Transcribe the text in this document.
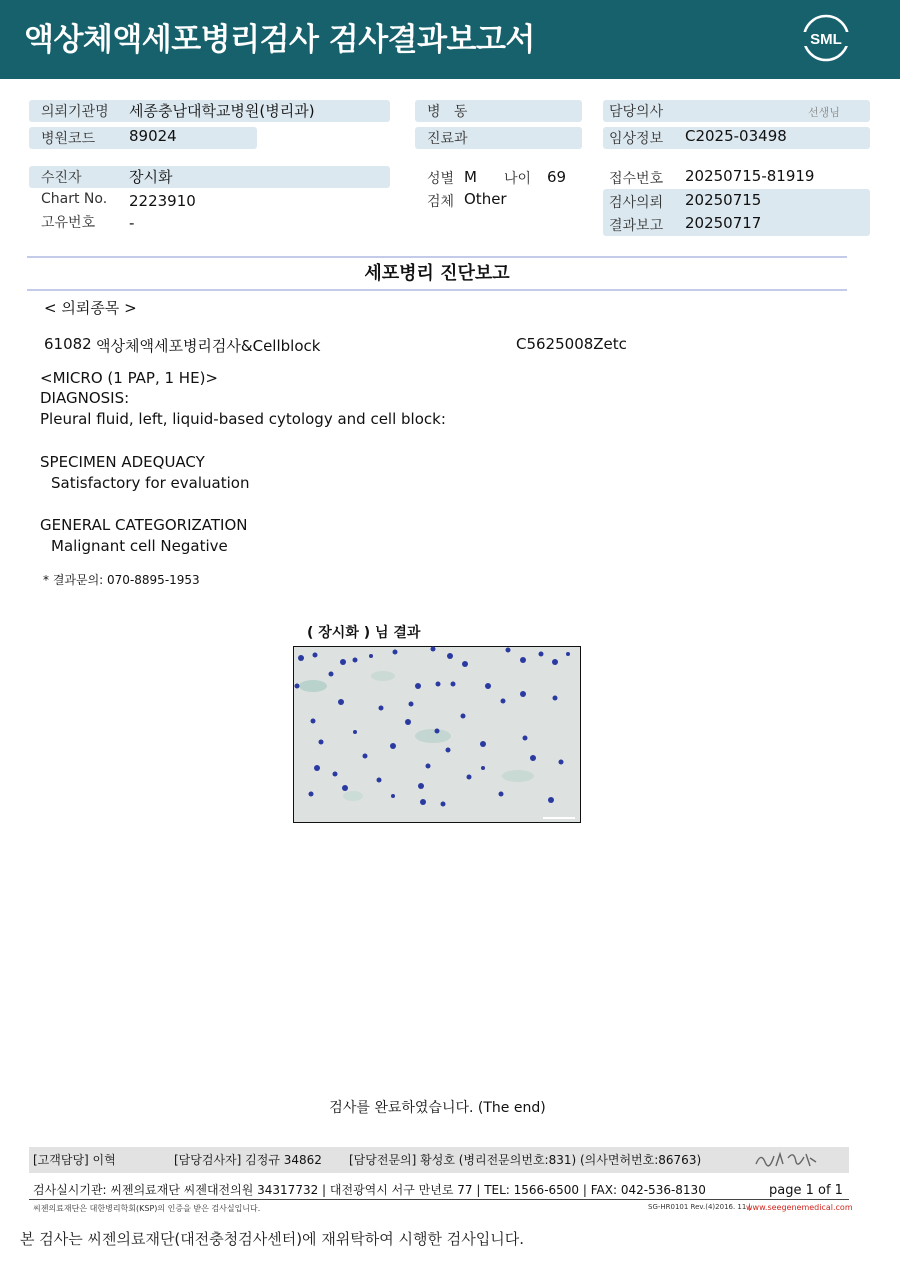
액상체액세포병리검사 검사결과보고서	SML
의뢰기관명 세종충남대학교병원(병리과)
병원코드 89024
병   동
진료과
담당의사	선생님
임상정보 C2025-03498
수진자	장시화
Chart No. 2223910
고유번호 -
성별 M 나이 69
검체 Other
접수번호 20250715-81919
검사의뢰 20250715
결과보고 20250717
세포병리 진단보고
< 의뢰종목 >
61082 액상체액세포병리검사&Cellblock	C5625008Zetc
<MICRO (1 PAP, 1 HE)>
DIAGNOSIS:
Pleural fluid, left, liquid-based cytology and cell block:
SPECIMEN ADEQUACY
Satisfactory for evaluation
GENERAL CATEGORIZATION
Malignant cell Negative
* 결과문의: 070-8895-1953
( 장시화 ) 님 결과
검사를 완료하였습니다. (The end)
[고객담당] 이혁	[담당검사자] 김정규 34862 [담당전문의] 황성호 (병리전문의번호:831) (의사면허번호:86763)
검사실시기관: 씨젠의료재단 씨젠대전의원 34317732 | 대전광역시 서구 만년로 77 | TEL: 1566-6500 | FAX: 042-536-8130	page 1 of 1
씨젠의료재단은 대한병리학회(KSP)의 인증을 받은 검사실입니다.	SG-HR0101 Rev.(4)2016. 11 |
www.seegenemedical.com
본 검사는 씨젠의료재단(대전충청검사센터)에 재위탁하여 시행한 검사입니다.
